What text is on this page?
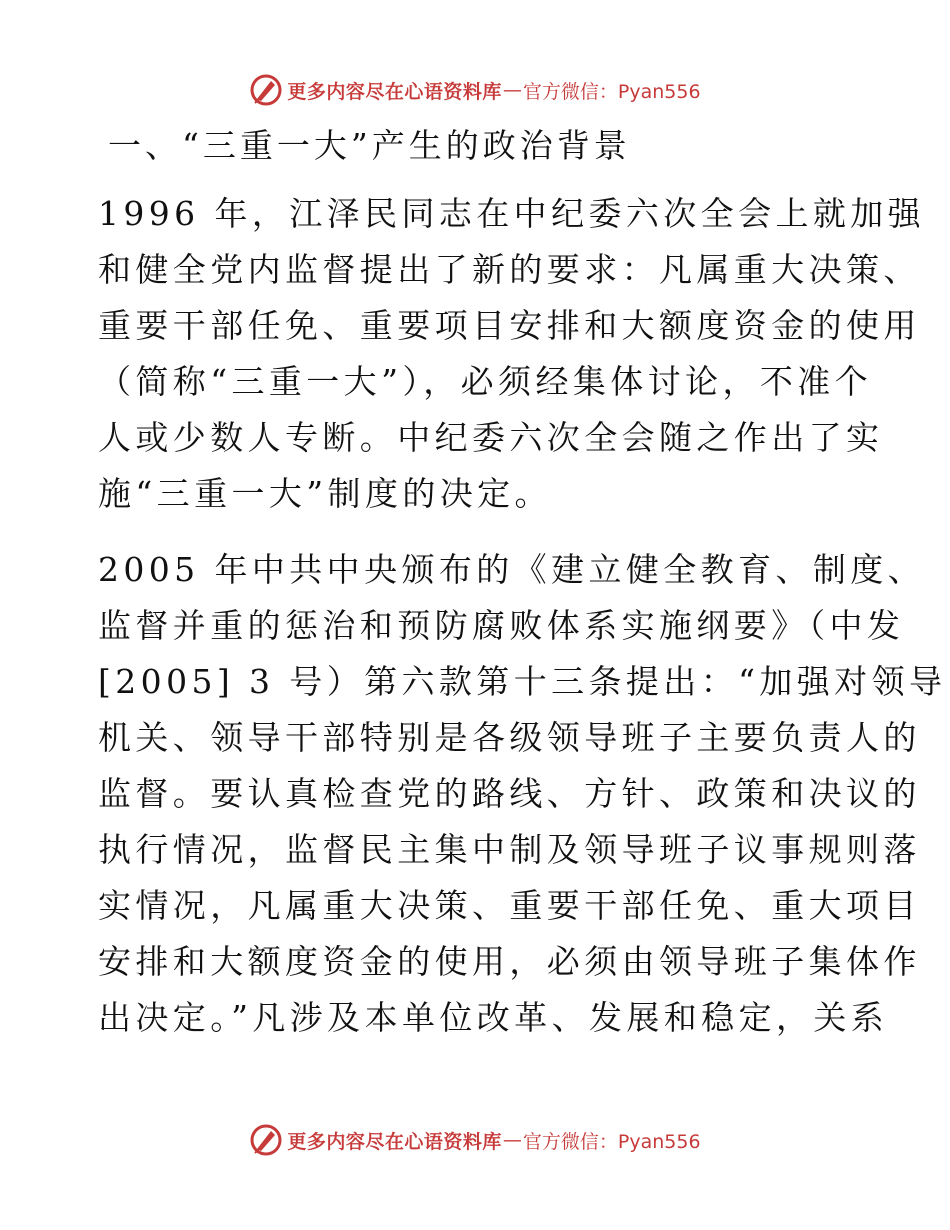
更多内容尽在心语资料库 — 官方微信：Pyan556
一、“三重一大”产生的政治背景
1996 年，江泽民同志在中纪委六次全会上就加强
和健全党内监督提出了新的要求：凡属重大决策、
重要干部任免、重要项目安排和大额度资金的使用
（简称“三重一大”），必须经集体讨论，不准个
人或少数人专断。中纪委六次全会随之作出了实
施“三重一大”制度的决定。
2005 年中共中央颁布的《建立健全教育、制度、
监督并重的惩治和预防腐败体系实施纲要》（中发
[2005] 3 号）第六款第十三条提出：“加强对领导
机关、领导干部特别是各级领导班子主要负责人的
监督。要认真检查党的路线、方针、政策和决议的
执行情况，监督民主集中制及领导班子议事规则落
实情况，凡属重大决策、重要干部任免、重大项目
安排和大额度资金的使用，必须由领导班子集体作
出决定。”凡涉及本单位改革、发展和稳定，关系
更多内容尽在心语资料库 — 官方微信：Pyan556
